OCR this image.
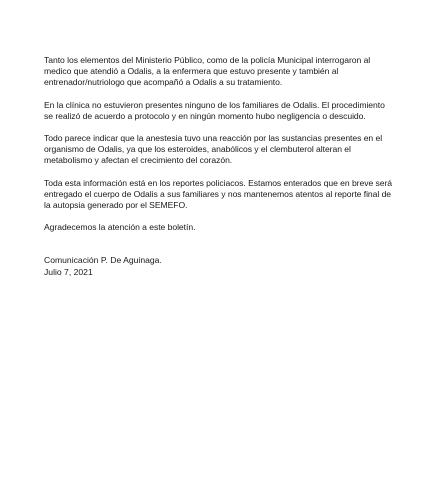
Tanto los elementos del Ministerio Público, como de la policía Municipal interrogaron al medico que atendió a Odalis, a la enfermera que estuvo presente y también al entrenador/nutriologo que acompañó a Odalis a su tratamiento.

En la clínica no estuvieron presentes ninguno de los familiares de Odalis. El procedimiento se realizó de acuerdo a protocolo y en ningún momento hubo negligencia o descuido.

Todo parece indicar que la anestesia tuvo una reacción por las sustancias presentes en el organismo de Odalis, ya que los esteroides, anabólicos y el clembuterol alteran el metabolismo y afectan el crecimiento del corazón.

Toda esta información está en los reportes policiacos. Estamos enterados que en breve será entregado el cuerpo de Odalis a sus familiares y nos mantenemos atentos al reporte final de la autopsia generado por el SEMEFO.

Agradecemos la atención a este boletín.

Comunicación P. De Aguinaga.
Julio 7, 2021
